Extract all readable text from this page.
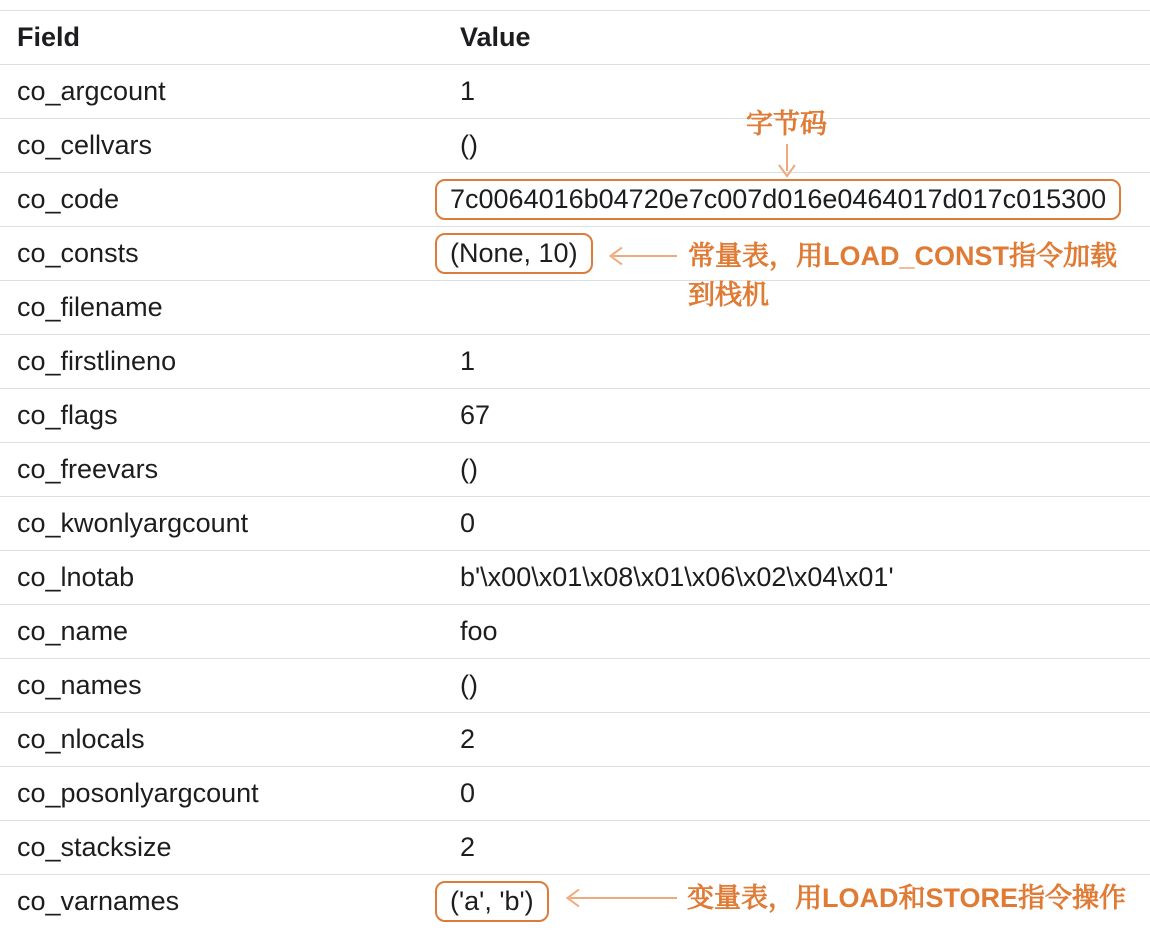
Field	Value
co_argcount	1
co_cellvars	()
co_code	7c0064016b04720e7c007d016e0464017d017c015300
co_consts	(None, 10)
co_filename
co_firstlineno	1
co_flags	67
co_freevars	()
co_kwonlyargcount	0
co_lnotab	b'\x00\x01\x08\x01\x06\x02\x04\x01'
co_name	foo
co_names	()
co_nlocals	2
co_posonlyargcount	0
co_stacksize	2
co_varnames	('a', 'b')
字节码
常量表，用LOAD_CONST指令加载
到栈机
变量表，用LOAD和STORE指令操作
